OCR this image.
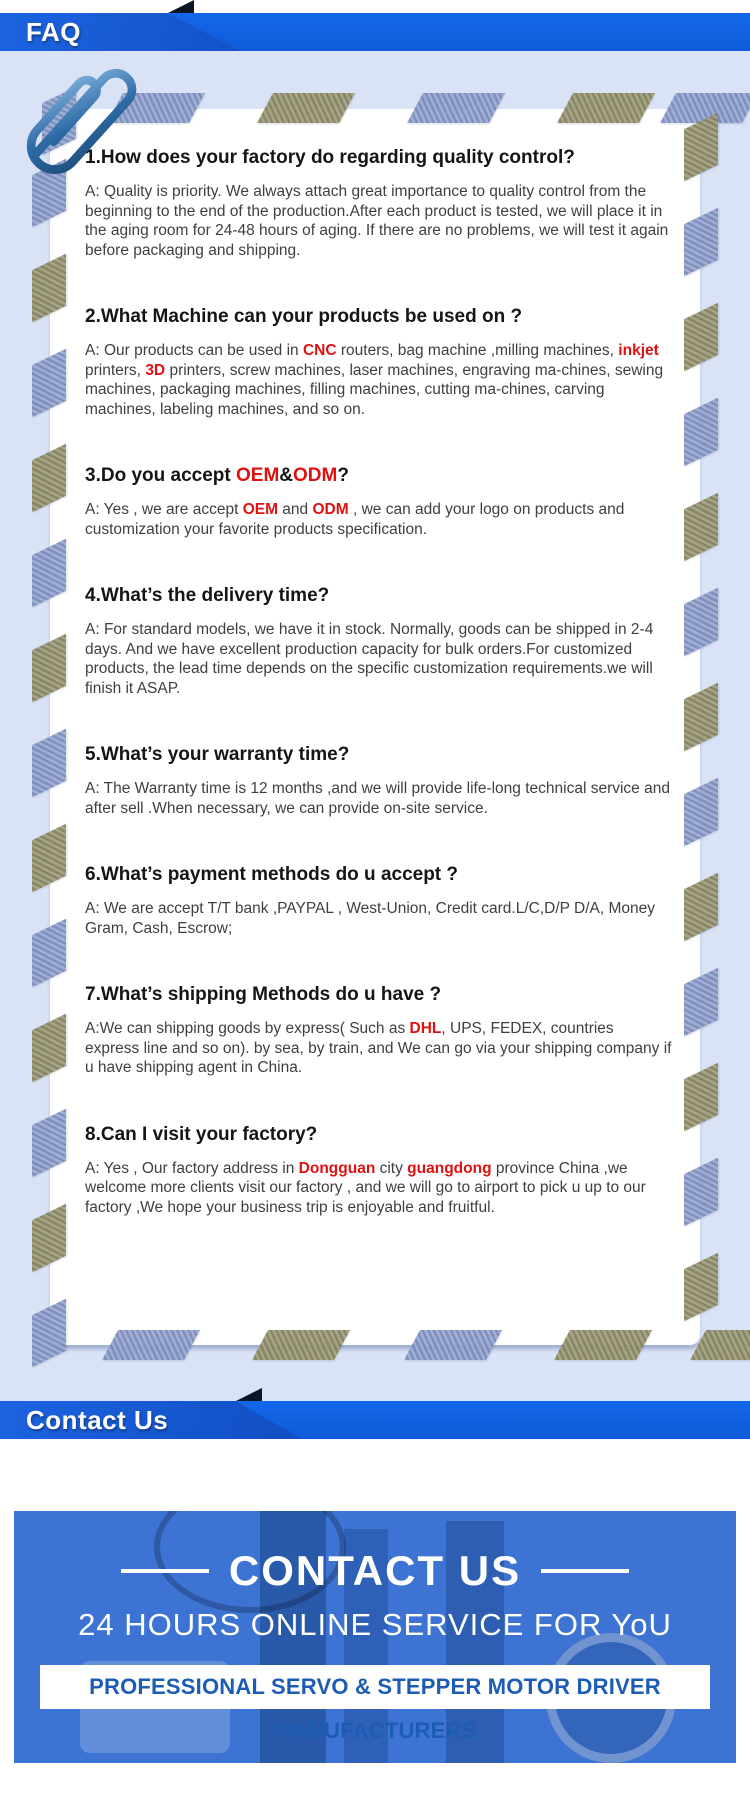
FAQ
1.How does your factory do regarding quality control?

A: Quality is priority. We always attach great importance to quality control from the beginning to the end of the production.After each product is tested, we will place it in the aging room for 24-48 hours of aging. If there are no problems, we will test it again before packaging and shipping.

2.What Machine can your products be used on ?

A: Our products can be used in CNC routers, bag machine ,milling machines, inkjet printers, 3D printers, screw machines, laser machines, engraving ma-chines, sewing machines, packaging machines, filling machines, cutting ma-chines, carving machines, labeling machines, and so on.

3.Do you accept OEM&ODM?

A: Yes , we are accept OEM and ODM , we can add your logo on products and customization your favorite products specification.

4.What’s the delivery time?

A: For standard models, we have it in stock. Normally, goods can be shipped in 2-4 days. And we have excellent production capacity for bulk orders.For customized products, the lead time depends on the specific customization requirements.we will finish it ASAP.

5.What’s your warranty time?

A: The Warranty time is 12 months ,and we will provide life-long technical service and after sell .When necessary, we can provide on-site service.

6.What’s payment methods do u accept ?

A: We are accept T/T bank ,PAYPAL , West-Union, Credit card.L/C,D/P D/A, Money Gram, Cash, Escrow;

7.What’s shipping Methods do u have ?

A:We can shipping goods by express( Such as DHL, UPS, FEDEX, countries express line and so on). by sea, by train, and We can go via your shipping company if u have shipping agent in China.

8.Can I visit your factory?

A: Yes , Our factory address in Dongguan city guangdong province China ,we welcome more clients visit our factory , and we will go to airport to pick u up to our factory ,We hope your business trip is enjoyable and fruitful.

Contact Us
CONTACT US
24 HOURS ONLINE SERVICE FOR YoU
PROFESSIONAL SERVO & STEPPER MOTOR DRIVER MANUFACTURERS
